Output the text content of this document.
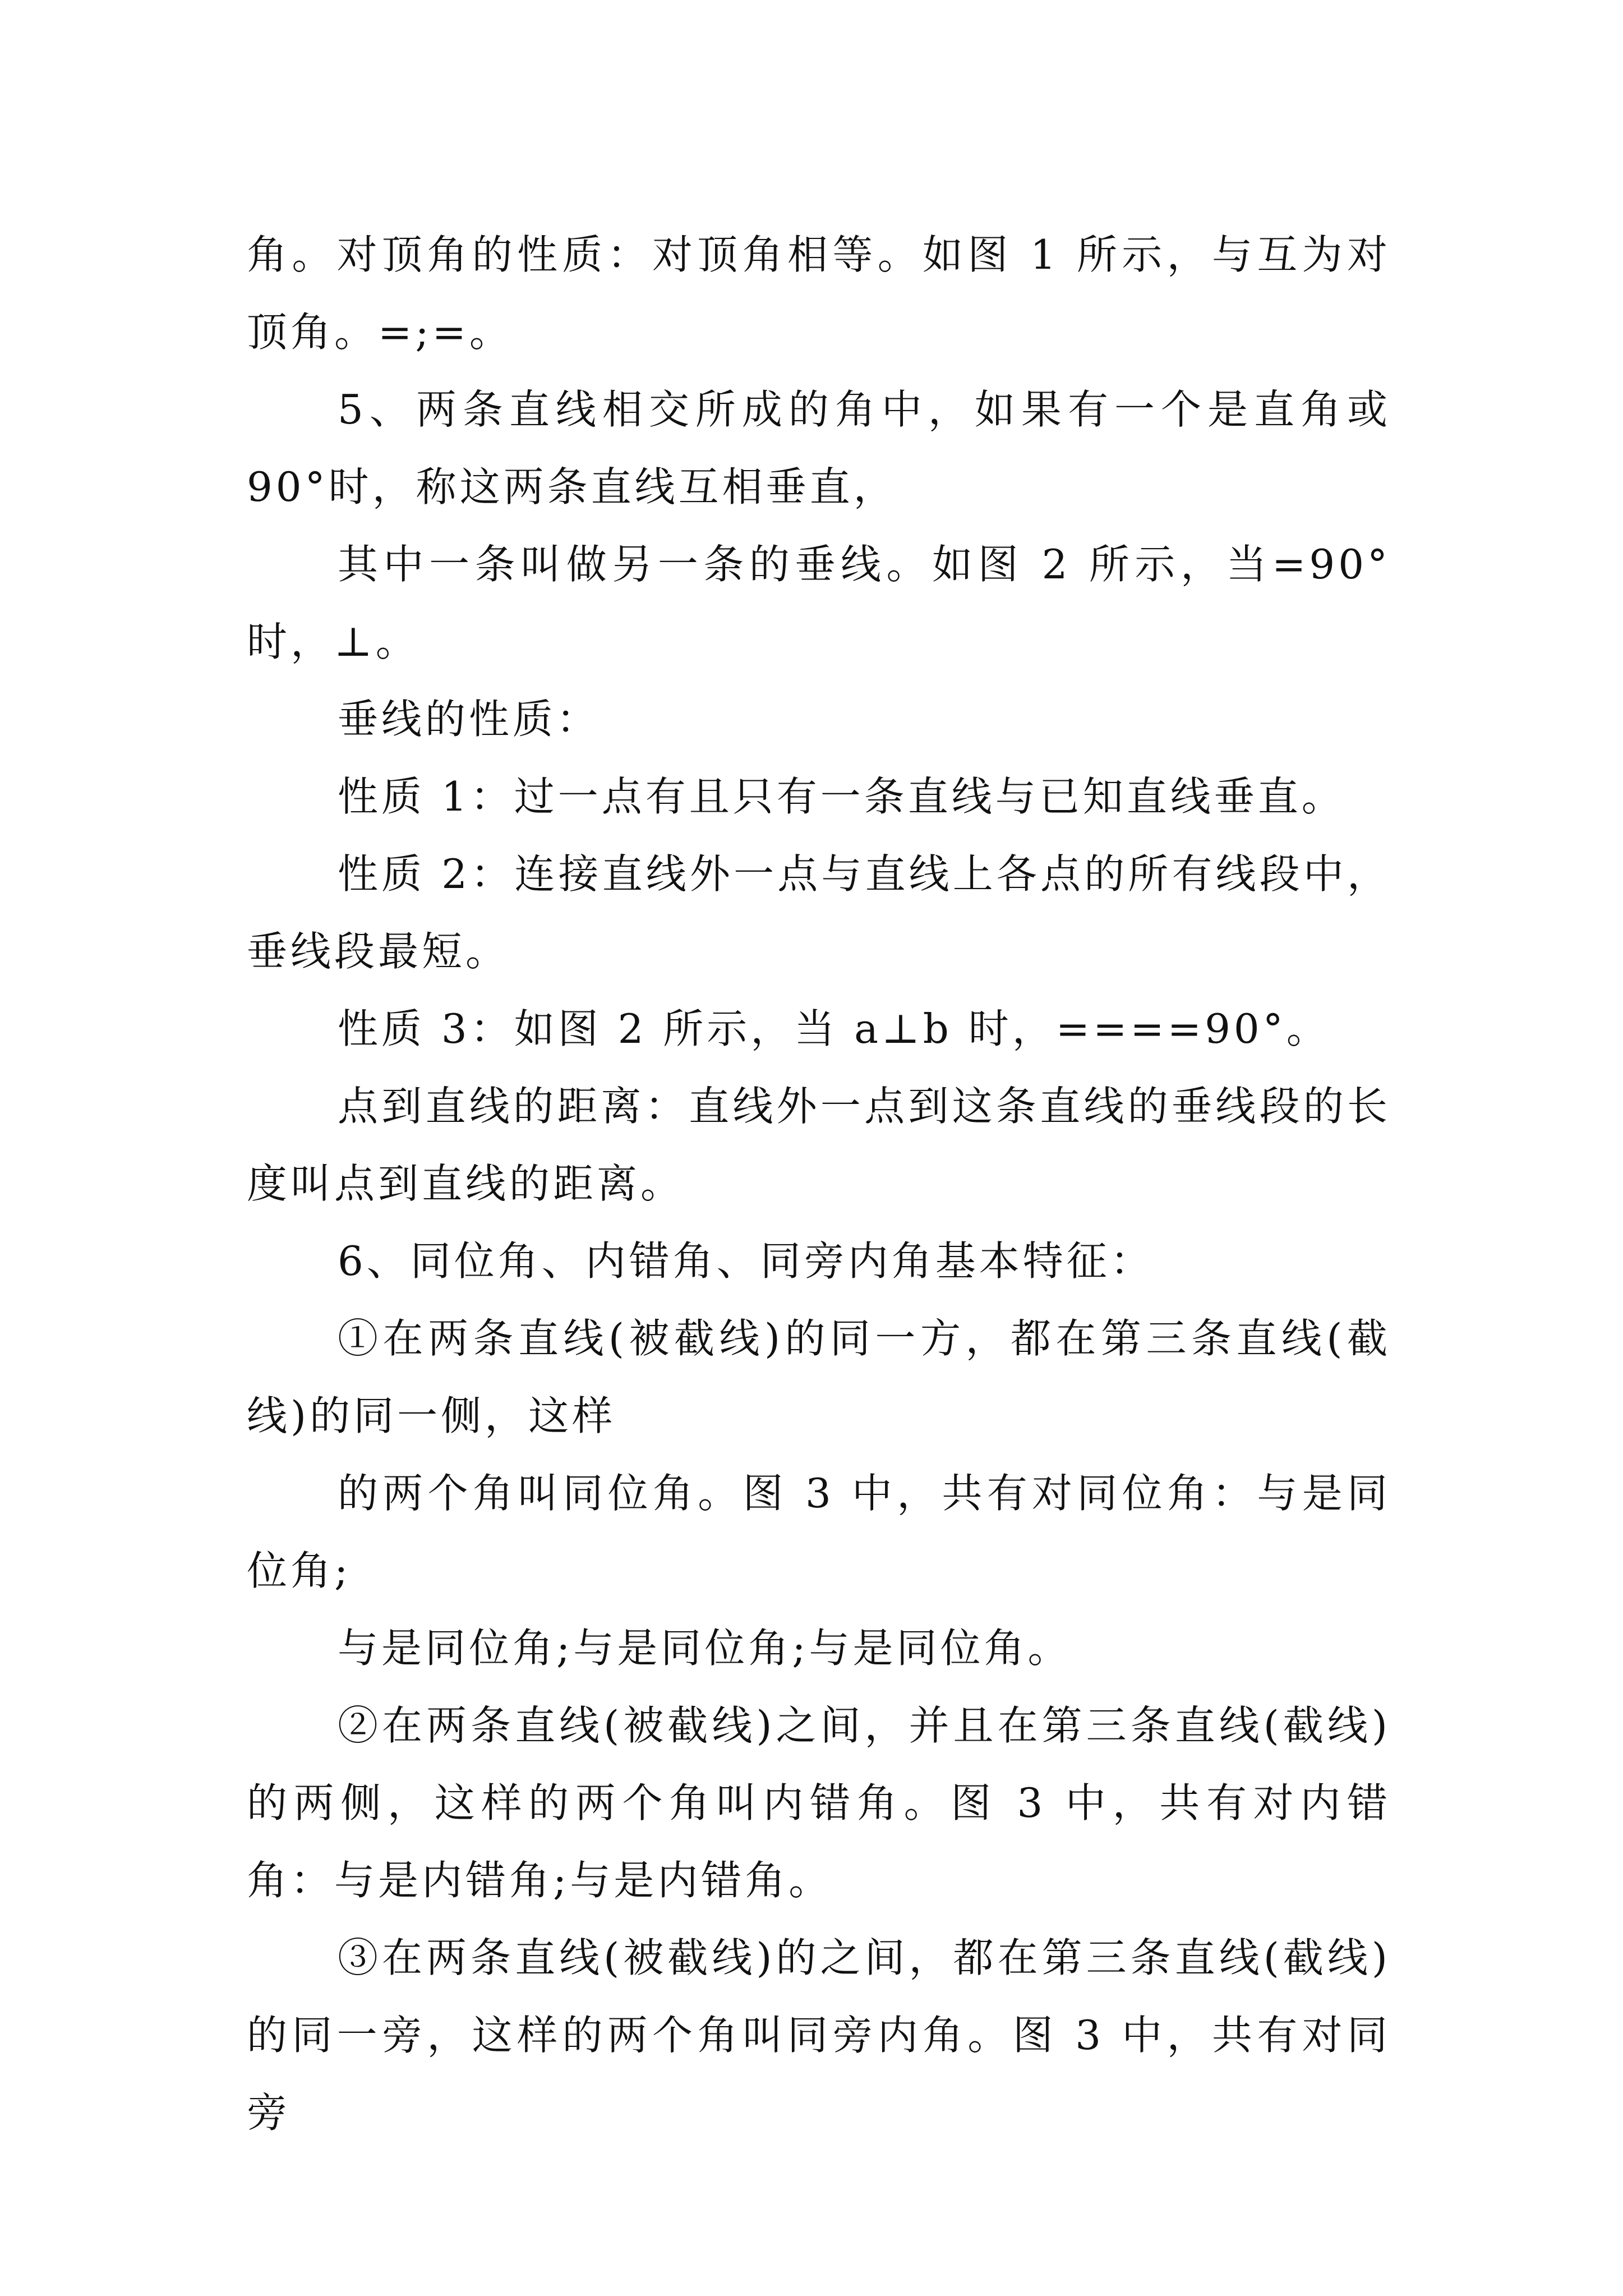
角。对顶角的性质：对顶角相等。如图 1 所示，与互为对顶角。=;=。

5、两条直线相交所成的角中，如果有一个是直角或 90°时，称这两条直线互相垂直，

其中一条叫做另一条的垂线。如图 2 所示，当=90°时，⊥。

垂线的性质：

性质 1：过一点有且只有一条直线与已知直线垂直。

性质 2：连接直线外一点与直线上各点的所有线段中，垂线段最短。

性质 3：如图 2 所示，当 a⊥b 时，====90°。

点到直线的距离：直线外一点到这条直线的垂线段的长度叫点到直线的距离。

6、同位角、内错角、同旁内角基本特征：

①在两条直线(被截线)的同一方，都在第三条直线(截线)的同一侧，这样

的两个角叫同位角。图 3 中，共有对同位角：与是同位角;

与是同位角;与是同位角;与是同位角。

②在两条直线(被截线)之间，并且在第三条直线(截线)的两侧，这样的两个角叫内错角。图 3 中，共有对内错角：与是内错角;与是内错角。

③在两条直线(被截线)的之间，都在第三条直线(截线)的同一旁，这样的两个角叫同旁内角。图 3 中，共有对同旁
